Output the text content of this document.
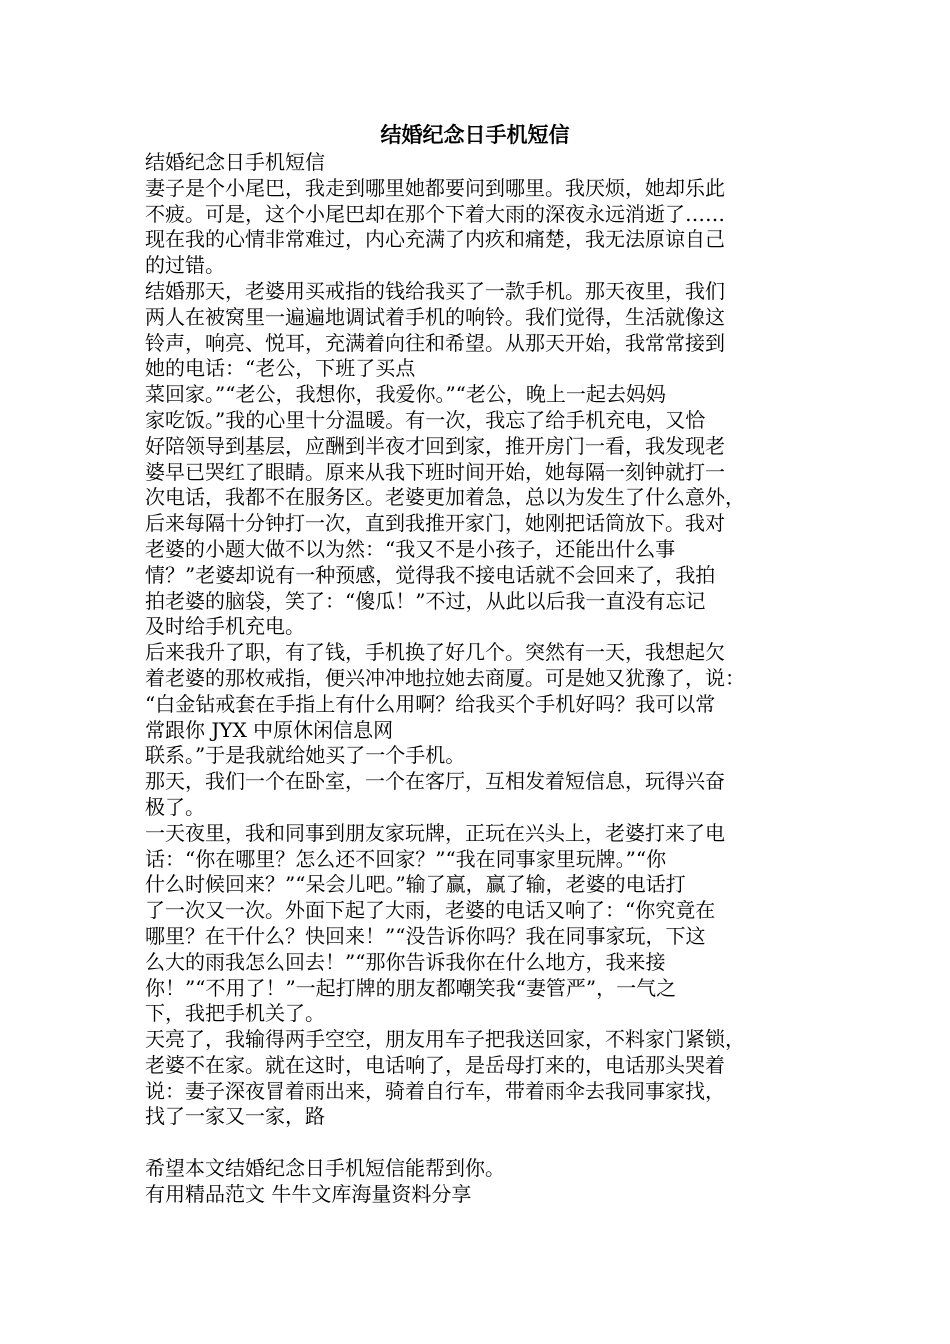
结婚纪念日手机短信
结婚纪念日手机短信
妻子是个小尾巴，我走到哪里她都要问到哪里。我厌烦，她却乐此
不疲。可是，这个小尾巴却在那个下着大雨的深夜永远消逝了……
现在我的心情非常难过，内心充满了内疚和痛楚，我无法原谅自己
的过错。
结婚那天，老婆用买戒指的钱给我买了一款手机。那天夜里，我们
两人在被窝里一遍遍地调试着手机的响铃。我们觉得，生活就像这
铃声，响亮、悦耳，充满着向往和希望。从那天开始，我常常接到
她的电话：“老公，下班了买点
菜回家。”“老公，我想你，我爱你。”“老公，晚上一起去妈妈
家吃饭。”我的心里十分温暖。有一次，我忘了给手机充电，又恰
好陪领导到基层，应酬到半夜才回到家，推开房门一看，我发现老
婆早已哭红了眼睛。原来从我下班时间开始，她每隔一刻钟就打一
次电话，我都不在服务区。老婆更加着急，总以为发生了什么意外，
后来每隔十分钟打一次，直到我推开家门，她刚把话筒放下。我对
老婆的小题大做不以为然：“我又不是小孩子，还能出什么事
情？”老婆却说有一种预感，觉得我不接电话就不会回来了，我拍
拍老婆的脑袋，笑了：“傻瓜！”不过，从此以后我一直没有忘记
及时给手机充电。
后来我升了职，有了钱，手机换了好几个。突然有一天，我想起欠
着老婆的那枚戒指，便兴冲冲地拉她去商厦。可是她又犹豫了，说：
“白金钻戒套在手指上有什么用啊？给我买个手机好吗？我可以常
常跟你 JYX 中原休闲信息网
联系。”于是我就给她买了一个手机。
那天，我们一个在卧室，一个在客厅，互相发着短信息，玩得兴奋
极了。
一天夜里，我和同事到朋友家玩牌，正玩在兴头上，老婆打来了电
话：“你在哪里？怎么还不回家？”“我在同事家里玩牌。”“你
什么时候回来？”“呆会儿吧。”输了赢，赢了输，老婆的电话打
了一次又一次。外面下起了大雨，老婆的电话又响了：“你究竟在
哪里？在干什么？快回来！”“没告诉你吗？我在同事家玩，下这
么大的雨我怎么回去！”“那你告诉我你在什么地方，我来接
你！”“不用了！”一起打牌的朋友都嘲笑我“妻管严”，一气之
下，我把手机关了。
天亮了，我输得两手空空，朋友用车子把我送回家，不料家门紧锁，
老婆不在家。就在这时，电话响了，是岳母打来的，电话那头哭着
说：妻子深夜冒着雨出来，骑着自行车，带着雨伞去我同事家找，
找了一家又一家，路
希望本文结婚纪念日手机短信能帮到你。
有用精品范文 牛牛文库海量资料分享
